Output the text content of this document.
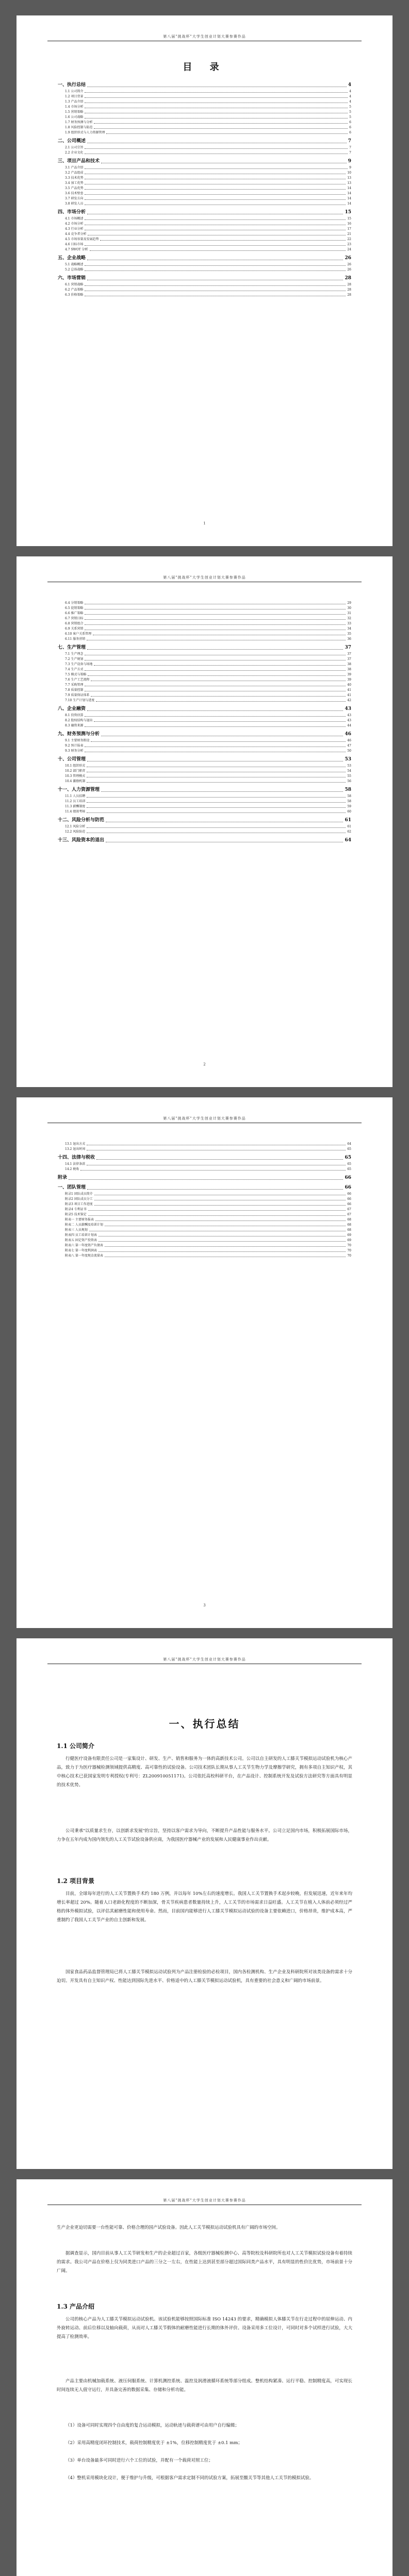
第八届"挑战杯"大学生创业计划大赛参赛作品
目 录
一、执行总结	4
1.1 公司简介	4
1.2 项目背景	4
1.3 产品介绍	4
1.4 市场分析	5
1.5 营销策略	5
1.6 公司战略	5
1.7 财务预测与分析	6
1.8 风险控制与防范	6
1.9 组织形式与人力资源管理	6
二、公司概述	7
2.1 公司宗旨	7
2.2 企业文化	7
三、项目产品和技术	9
3.1 产品介绍	9
3.2 产品组成	10
3.3 技术优势	13
3.4 加工优势	13
3.5 产品优势	14
3.6 技术壁垒	14
3.7 研发方向	14
3.8 研发人员	14
四、市场分析	15
4.1 市场概述	15
4.2 市场分析	16
4.3 行业分析	17
4.4 竞争者分析	21
4.5 市场容量及发展趋势	22
4.6 目标市场	23
4.7 SWOT 分析	24
五、企业战略	26
5.1 战略概述	26
5.2 总体战略	26
六、市场营销	28
6.1 营销战略	28
6.2 产品策略	28
6.3 价格策略	28
1
第八届"挑战杯"大学生创业计划大赛参赛作品
6.4 分销策略	29
6.5 促销策略	30
6.6 推广策略	31
6.7 营销目标	32
6.8 营销组合	33
6.9 关系营销	34
6.10 客户关系管理	35
6.11 服务营销	36
七、生产管理	37
7.1 生产理念	37
7.2 生产规划	37
7.3 生产设备与场地	38
7.4 生产方式	38
7.5 模式与策略	39
7.6 生产工艺流程	39
7.7 采购管理	40
7.8 质量控制	41
7.9 质量保证体系	41
7.10 生产计划与进度	42
八、企业融资	43
8.1 投资估算	43
8.2 股权结构与退出	43
8.3 融资来源	44
九、财务预测与分析	46
9.1 主要财务假设	46
9.2 预计报表	47
9.3 财务分析	50
十、公司管理	53
10.1 组织形式	53
10.2 部门职责	54
10.3 管理模式	55
10.4 激励机制	56
十一、人力资源管理	58
11.1 人员招聘	58
11.2 员工培训	58
11.3 薪酬制度	59
11.4 绩效考核	60
十二、风险分析与防范	61
12.1 风险分析	61
12.2 风险防范	62
十三、风险资本的退出	64
2
第八届"挑战杯"大学生创业计划大赛参赛作品
13.1 退出方式	64
13.2 退出时间	65
十四、法律与税收	65
14.1 法律条款	65
14.2 税收	65
附录	66
一、团队管理	66
附录1 团队成员简介	66
附录2 团队成员分工	66
附录3 项目工作进度	66
附录4 专利证书	67
附录5 技术鉴定	67
附表一 主要财务报表	68
附表二 人员薪酬及培训计划	68
附表三 人员规划	68
附表四 员工培训计划表	69
附表五 固定资产投资表	69
附表六 第一年度资产负债表	70
附表七 第一年度利润表	70
附表八 第一年度现金流量表	70
3
第八届"挑战杯"大学生创业计划大赛参赛作品
一、执行总结
1.1 公司简介

行健医疗设备有限责任公司是一家集设计、研发、生产、销售和服务为一体的高新技术公司。公司以自主研发的人工膝关节模拟运动试验机为核心产品，致力于为医疗器械检测领域提供高精度、高可靠性的试验设备。公司技术团队长期从事人工关节生物力学及摩擦学研究，拥有多项自主知识产权，其中核心技术已获国家发明专利授权(专利号：ZL200910051171)。公司依托高校科研平台，在产品设计、控制系统开发及试验方法研究等方面具有明显的技术优势。

公司秉承"以质量求生存，以创新求发展"的宗旨，坚持以客户需求为导向，不断提升产品性能与服务水平。公司立足国内市场，积极拓展国际市场，力争在五年内成为国内领先的人工关节试验设备供应商，为我国医疗器械产业的发展和人民健康事业作出贡献。

1.2 项目背景

目前，全球每年进行的人工关节置换手术约 180 万例，并以每年 10%左右的速度增长。我国人工关节置换手术起步较晚，但发展迅速，近年来年均增长率超过 20%。随着人口老龄化程度的不断加深，骨关节疾病患者数量持续上升，人工关节的市场需求日益旺盛。人工关节在植入人体前必须经过严格的体外模拟试验，以评估其耐磨性能和使用寿命。然而，目前国内能够进行人工膝关节模拟运动试验的设备主要依赖进口，价格昂贵，维护成本高，严重制约了我国人工关节产业的自主创新和发展。

国家食品药品监督管理局已将人工膝关节模拟运动试验列为产品注册检验的必检项目，国内各检测机构、生产企业及科研院所对该类设备的需求十分迫切。开发具有自主知识产权、性能达到国际先进水平、价格适中的人工膝关节模拟运动试验机，具有重要的社会意义和广阔的市场前景。

第八届"挑战杯"大学生创业计划大赛参赛作品

生产企业更迫切需要一台性能可靠、价格合理的国产试验设备。因此人工关节模拟运动试验机具有广阔的市场空间。

据调查显示，国内目前从事人工关节研发和生产的企业超过百家，各级医疗器械检测中心、高等院校及科研院所也对人工关节模拟试验设备有着持续的需求。我公司产品在价格上仅为同类进口产品的三分之一左右，在性能上达到甚至部分超过国际同类产品水平，具有明显的性价比优势，市场前景十分广阔。

1.3 产品介绍

公司的核心产品为人工膝关节模拟运动试验机。该试验机能够按照国际标准 ISO 14243 的要求，精确模拟人体膝关节在行走过程中的屈伸运动、内外旋转运动、前后位移以及轴向载荷，从而对人工膝关节假体的耐磨性能进行长期的体外评价。设备采用多工位设计，可同时对多个试样进行试验，大大提高了检测效率。

产品主要由机械加载系统、液压伺服系统、计算机测控系统、温控及润滑液循环系统等部分组成。整机结构紧凑、运行平稳、控制精度高，可实现长时间连续无人值守运行，并具备完善的数据采集、存储和分析功能。

（1）设备可同时实现四个自由度的复合运动模拟，运动轨迹与载荷谱可由用户自行编辑；

（2）采用高精度闭环控制技术，载荷控制精度优于 ±1%，位移控制精度优于 ±0.1 mm；

（3）单台设备最多可同时进行六个工位的试验，并配有一个载荷对照工位；

（4）整机采用模块化设计，便于维护与升级，可根据客户需求定制不同的试验方案，拓展至髋关节等其他人工关节的模拟试验。
